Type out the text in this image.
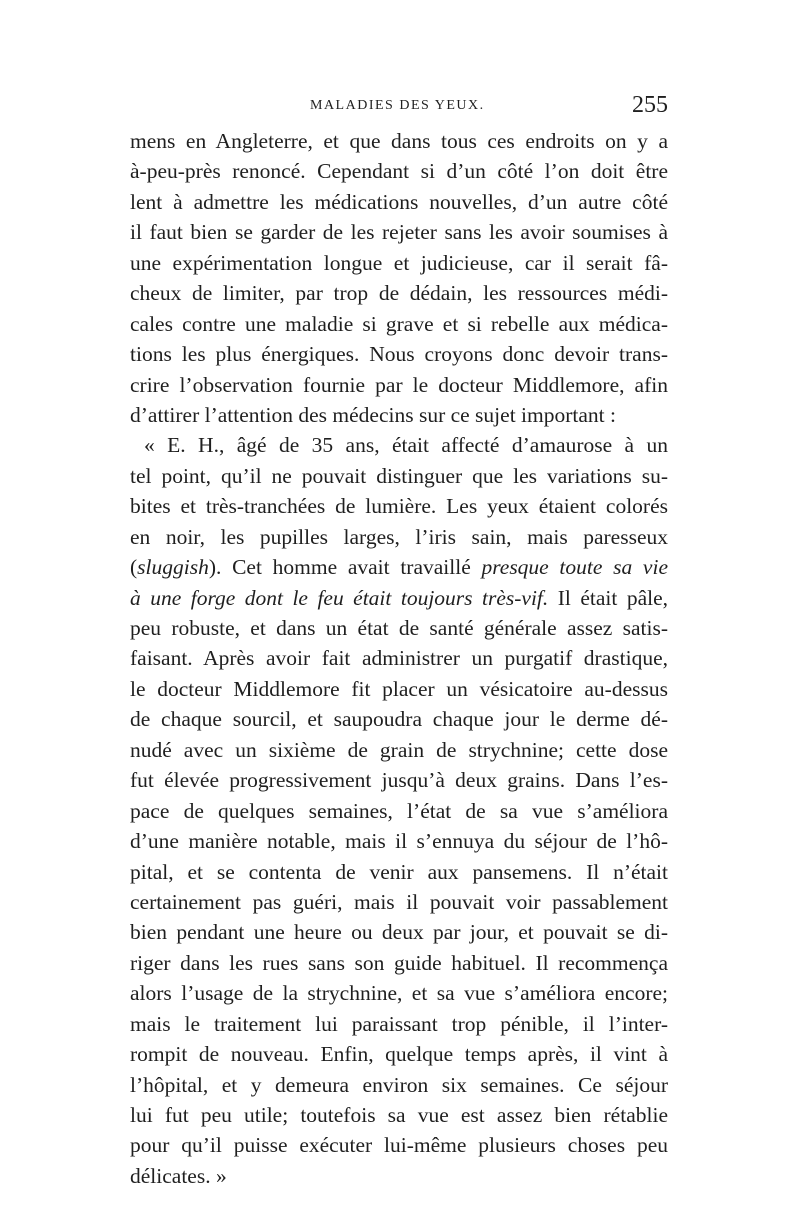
MALADIES DES YEUX.	255
mens en Angleterre, et que dans tous ces endroits on y a
à-peu-près renoncé. Cependant si d’un côté l’on doit être
lent à admettre les médications nouvelles, d’un autre côté
il faut bien se garder de les rejeter sans les avoir soumises à
une expérimentation longue et judicieuse, car il serait fâ-
cheux de limiter, par trop de dédain, les ressources médi-
cales contre une maladie si grave et si rebelle aux médica-
tions les plus énergiques. Nous croyons donc devoir trans-
crire l’observation fournie par le docteur Middlemore, afin
d’attirer l’attention des médecins sur ce sujet important :
« E. H., âgé de 35 ans, était affecté d’amaurose à un
tel point, qu’il ne pouvait distinguer que les variations su-
bites et très-tranchées de lumière. Les yeux étaient colorés
en noir, les pupilles larges, l’iris sain, mais paresseux
(sluggish). Cet homme avait travaillé presque toute sa vie
à une forge dont le feu était toujours très-vif. Il était pâle,
peu robuste, et dans un état de santé générale assez satis-
faisant. Après avoir fait administrer un purgatif drastique,
le docteur Middlemore fit placer un vésicatoire au-dessus
de chaque sourcil, et saupoudra chaque jour le derme dé-
nudé avec un sixième de grain de strychnine; cette dose
fut élevée progressivement jusqu’à deux grains. Dans l’es-
pace de quelques semaines, l’état de sa vue s’améliora
d’une manière notable, mais il s’ennuya du séjour de l’hô-
pital, et se contenta de venir aux pansemens. Il n’était
certainement pas guéri, mais il pouvait voir passablement
bien pendant une heure ou deux par jour, et pouvait se di-
riger dans les rues sans son guide habituel. Il recommença
alors l’usage de la strychnine, et sa vue s’améliora encore;
mais le traitement lui paraissant trop pénible, il l’inter-
rompit de nouveau. Enfin, quelque temps après, il vint à
l’hôpital, et y demeura environ six semaines. Ce séjour
lui fut peu utile; toutefois sa vue est assez bien rétablie
pour qu’il puisse exécuter lui-même plusieurs choses peu
délicates. »
